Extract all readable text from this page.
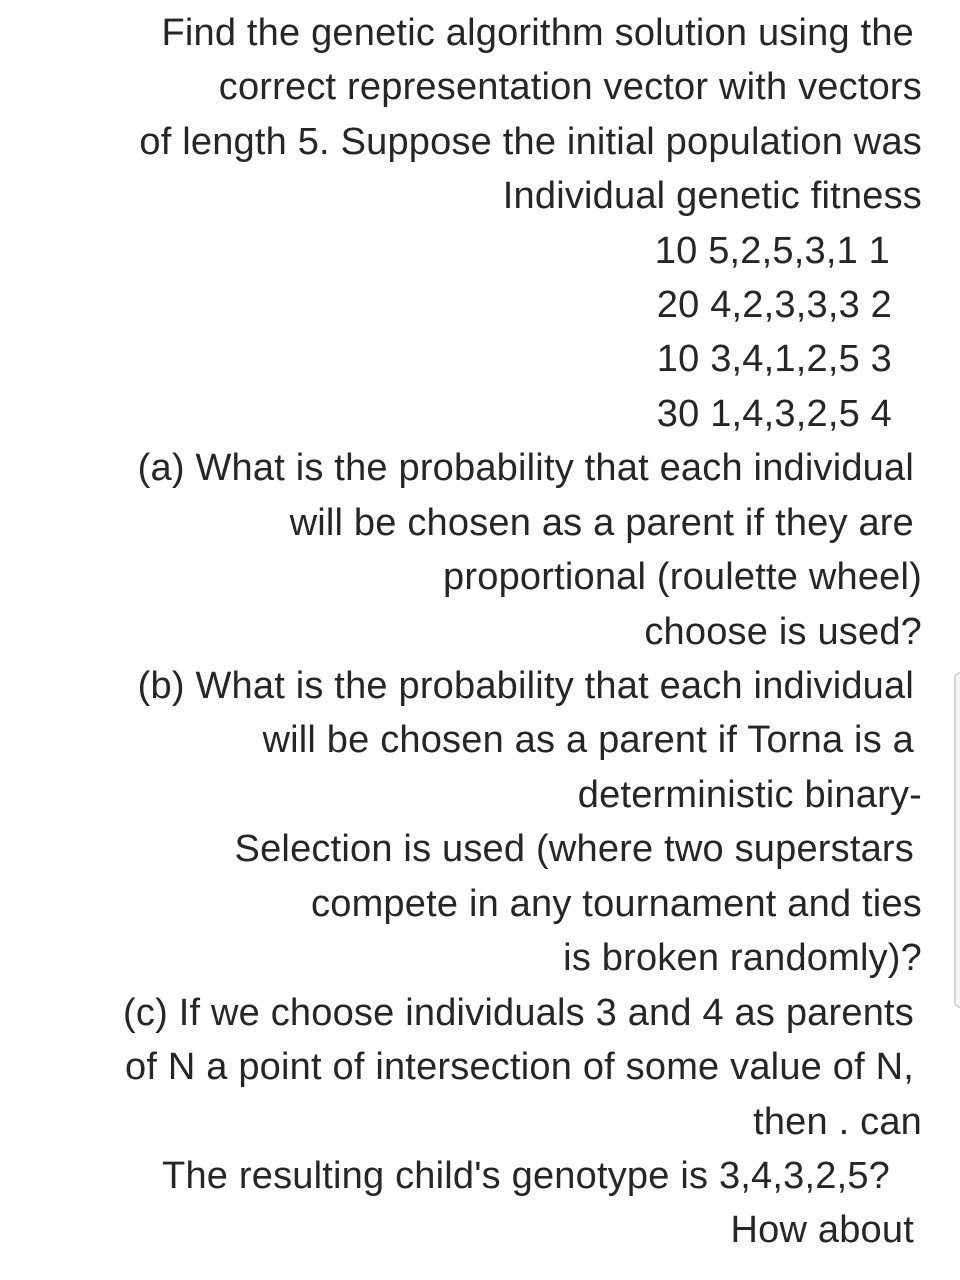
Find the genetic algorithm solution using the
correct representation vector with vectors
of length 5. Suppose the initial population was
Individual genetic fitness
10 5,2,5,3,1 1
20 4,2,3,3,3 2
10 3,4,1,2,5 3
30 1,4,3,2,5 4
(a) What is the probability that each individual
will be chosen as a parent if they are
proportional (roulette wheel)
choose is used?
(b) What is the probability that each individual
will be chosen as a parent if Torna is a
deterministic binary-
Selection is used (where two superstars
compete in any tournament and ties
is broken randomly)?
(c) If we choose individuals 3 and 4 as parents
of N a point of intersection of some value of N,
then . can
The resulting child's genotype is 3,4,3,2,5?
How about
